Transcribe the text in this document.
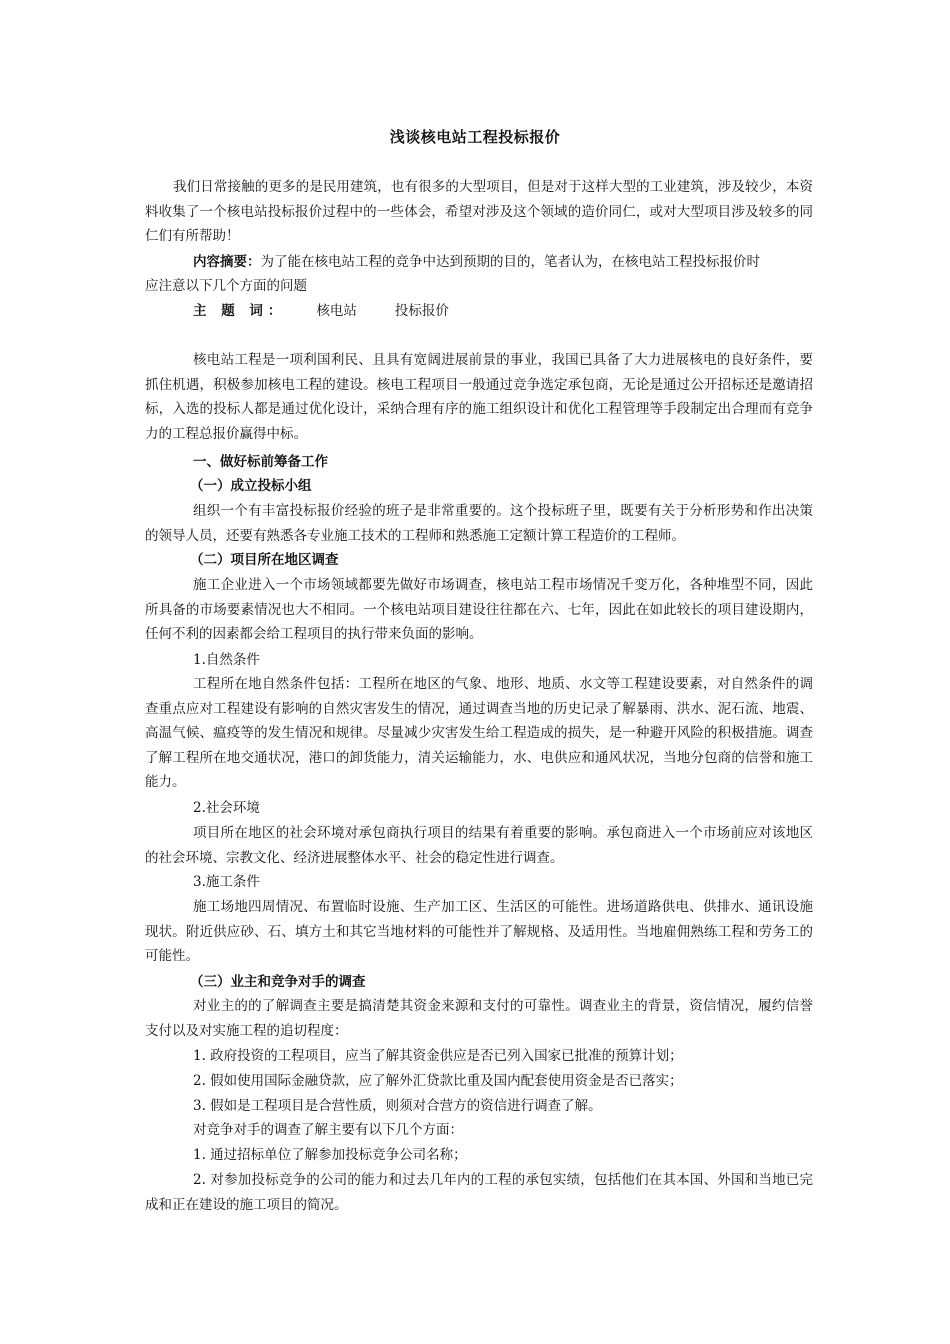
浅谈核电站工程投标报价

我们日常接触的更多的是民用建筑，也有很多的大型项目，但是对于这样大型的工业建筑，涉及较少，本资料收集了一个核电站投标报价过程中的一些体会，希望对涉及这个领域的造价同仁，或对大型项目涉及较多的同仁们有所帮助！

内容摘要：为了能在核电站工程的竞争中达到预期的目的，笔者认为，在核电站工程投标报价时
应注意以下几个方面的问题
主 题 词： 核电站	投标报价

核电站工程是一项利国利民、且具有宽阔进展前景的事业，我国已具备了大力进展核电的良好条件，要抓住机遇，积极参加核电工程的建设。核电工程项目一般通过竞争选定承包商，无论是通过公开招标还是邀请招标，入选的投标人都是通过优化设计，采纳合理有序的施工组织设计和优化工程管理等手段制定出合理而有竞争力的工程总报价赢得中标。

一、做好标前筹备工作
（一）成立投标小组

组织一个有丰富投标报价经验的班子是非常重要的。这个投标班子里，既要有关于分析形势和作出决策的领导人员，还要有熟悉各专业施工技术的工程师和熟悉施工定额计算工程造价的工程师。

（二）项目所在地区调查

施工企业进入一个市场领域都要先做好市场调查，核电站工程市场情况千变万化，各种堆型不同，因此所具备的市场要素情况也大不相同。一个核电站项目建设往往都在六、七年，因此在如此较长的项目建设期内，任何不利的因素都会给工程项目的执行带来负面的影响。

1.自然条件

工程所在地自然条件包括：工程所在地区的气象、地形、地质、水文等工程建设要素，对自然条件的调查重点应对工程建设有影响的自然灾害发生的情况，通过调查当地的历史记录了解暴雨、洪水、泥石流、地震、高温气候、瘟疫等的发生情况和规律。尽量减少灾害发生给工程造成的损失，是一种避开风险的积极措施。调查了解工程所在地交通状况，港口的卸货能力，清关运输能力，水、电供应和通风状况，当地分包商的信誉和施工能力。

2.社会环境

项目所在地区的社会环境对承包商执行项目的结果有着重要的影响。承包商进入一个市场前应对该地区的社会环境、宗教文化、经济进展整体水平、社会的稳定性进行调查。

3.施工条件

施工场地四周情况、布置临时设施、生产加工区、生活区的可能性。进场道路供电、供排水、通讯设施现状。附近供应砂、石、填方土和其它当地材料的可能性并了解规格、及适用性。当地雇佣熟练工程和劳务工的可能性。

（三）业主和竞争对手的调查

对业主的的了解调查主要是搞清楚其资金来源和支付的可靠性。调查业主的背景，资信情况，履约信誉支付以及对实施工程的追切程度：

1. 政府投资的工程项目，应当了解其资金供应是否已列入国家已批准的预算计划；
2. 假如使用国际金融贷款，应了解外汇贷款比重及国内配套使用资金是否已落实；
3. 假如是工程项目是合营性质，则须对合营方的资信进行调查了解。
对竞争对手的调查了解主要有以下几个方面：
1. 通过招标单位了解参加投标竞争公司名称；

2. 对参加投标竞争的公司的能力和过去几年内的工程的承包实绩，包括他们在其本国、外国和当地已完成和正在建设的施工项目的简况。
